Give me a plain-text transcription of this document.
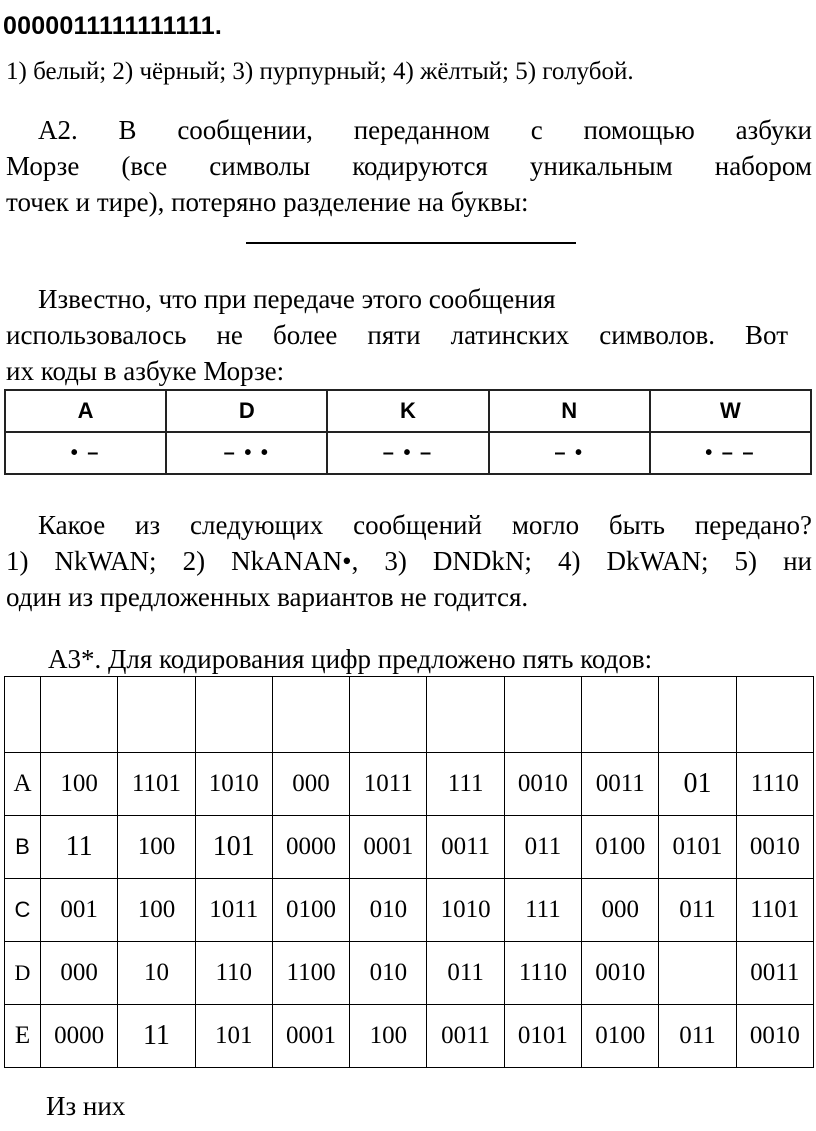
0000011111111111.
1) белый; 2) чёрный; 3) пурпурный; 4) жёлтый; 5) голубой.
А2. В сообщении, переданном с помощью азбуки
Морзе (все символы кодируются уникальным набором
точек и тире), потеряно разделение на буквы:
Известно, что при передаче этого сообщения
использовалось не более пяти латинских символов. Вот
их коды в азбуке Морзе:
A	D	K	N	W
• –	– • •	– • –	– •	• – –
Какое из следующих сообщений могло быть передано?
1) NkWAN; 2) NkANAN•, 3) DNDkN; 4) DkWAN; 5) ни
один из предложенных вариантов не годится.
А3*. Для кодирования цифр предложено пять кодов:

A	100	1101	1010	000	1011	111	0010	0011	01	1110
В	11	100	101	0000	0001	0011	011	0100	0101	0010
С	001	100	1011	0100	010	1010	111	000	011	1101
D	000	10	110	1100	010	011	1110	0010		0011
E	0000	11	101	0001	100	0011	0101	0100	011	0010
Из них
